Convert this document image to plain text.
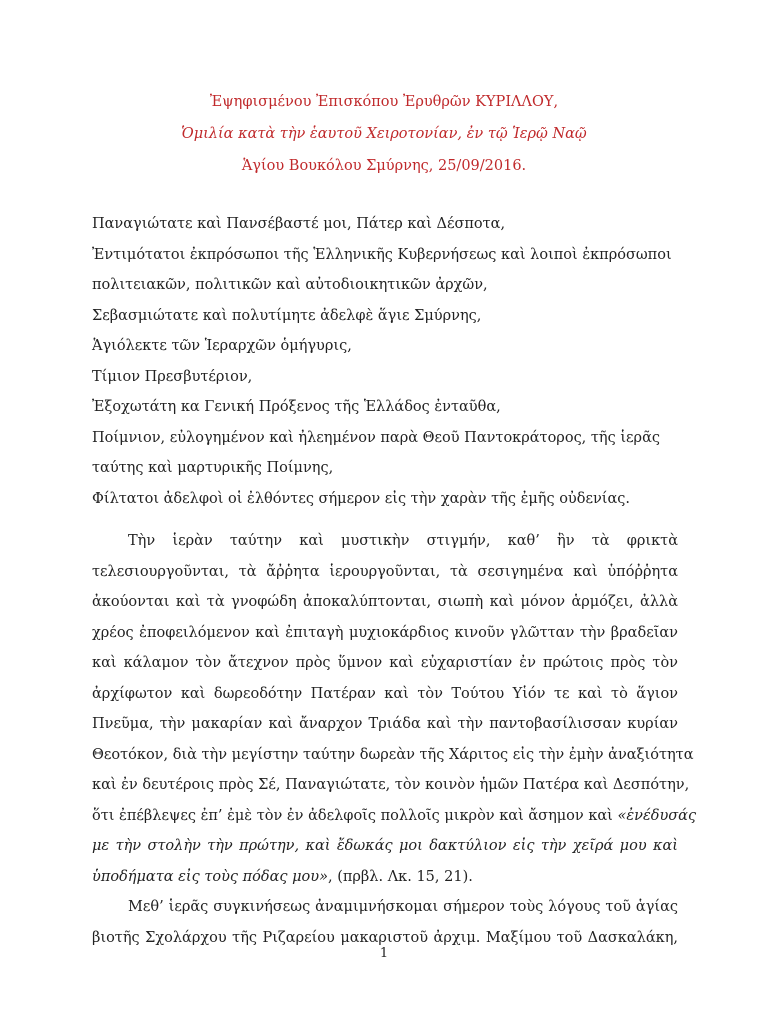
Ἐψηφισμένου Ἐπισκόπου Ἐρυθρῶν ΚΥΡΙΛΛΟΥ,
Ὁμιλία κατὰ τὴν ἑαυτοῦ Χειροτονίαν, ἐν τῷ Ἱερῷ Ναῷ
Ἁγίου Βουκόλου Σμύρνης, 25/09/2016.
Παναγιώτατε καὶ Πανσέβαστέ μοι, Πάτερ καὶ Δέσποτα,
Ἐντιμότατοι ἐκπρόσωποι τῆς Ἑλληνικῆς Κυβερνήσεως καὶ λοιποὶ ἐκπρόσωποι
πολιτειακῶν, πολιτικῶν καὶ αὐτοδιοικητικῶν ἀρχῶν,
Σεβασμιώτατε καὶ πολυτίμητε ἀδελφὲ ἅγιε Σμύρνης,
Ἁγιόλεκτε τῶν Ἱεραρχῶν ὁμήγυρις,
Τίμιον Πρεσβυτέριον,
Ἐξοχωτάτη κα Γενική Πρόξενος τῆς Ἑλλάδος ἐνταῦθα,
Ποίμνιον, εὐλογημένον καὶ ἠλεημένον παρὰ Θεοῦ Παντοκράτορος, τῆς ἱερᾶς
ταύτης καὶ μαρτυρικῆς Ποίμνης,
Φίλτατοι ἀδελφοὶ οἱ ἐλθόντες σήμερον εἰς τὴν χαρὰν τῆς ἐμῆς οὐδενίας.
Τὴν ἱερὰν ταύτην καὶ μυστικὴν στιγμήν, καθ’ ἣν τὰ φρικτὰ
τελεσιουργοῦνται, τὰ ἄῤῥητα ἱερουργοῦνται, τὰ σεσιγημένα καὶ ὑπόῤῥητα
ἀκούονται καὶ τὰ γνοφώδη ἀποκαλύπτονται, σιωπὴ καὶ μόνον ἁρμόζει, ἀλλὰ
χρέος ἐποφειλόμενον καὶ ἐπιταγὴ μυχιοκάρδιος κινοῦν γλῶτταν τὴν βραδεῖαν
καὶ κάλαμον τὸν ἄτεχνον πρὸς ὕμνον καὶ εὐχαριστίαν ἐν πρώτοις πρὸς τὸν
ἀρχίφωτον καὶ δωρεοδότην Πατέραν καὶ τὸν Τούτου Υἱόν τε καὶ τὸ ἅγιον
Πνεῦμα, τὴν μακαρίαν καὶ ἄναρχον Τριάδα καὶ τὴν παντοβασίλισσαν κυρίαν
Θεοτόκον, διὰ τὴν μεγίστην ταύτην δωρεὰν τῆς Χάριτος εἰς τὴν ἐμὴν ἀναξιότητα
καὶ ἐν δευτέροις πρὸς Σέ, Παναγιώτατε, τὸν κοινὸν ἡμῶν Πατέρα καὶ Δεσπότην,
ὅτι ἐπέβλεψες ἐπ’ ἐμὲ τὸν ἐν ἀδελφοῖς πολλοῖς μικρὸν καὶ ἄσημον καὶ «ἐνέδυσάς
με τὴν στολὴν τὴν πρώτην, καὶ ἔδωκάς μοι δακτύλιον εἰς τὴν χεῖρά μου καὶ
ὑποδήματα εἰς τοὺς πόδας μου», (πρβλ. Λκ. 15, 21).
Μεθ’ ἱερᾶς συγκινήσεως ἀναμιμνήσκομαι σήμερον τοὺς λόγους τοῦ ἁγίας
βιοτῆς Σχολάρχου τῆς Ριζαρείου μακαριστοῦ ἀρχιμ. Μαξίμου τοῦ Δασκαλάκη,
1
